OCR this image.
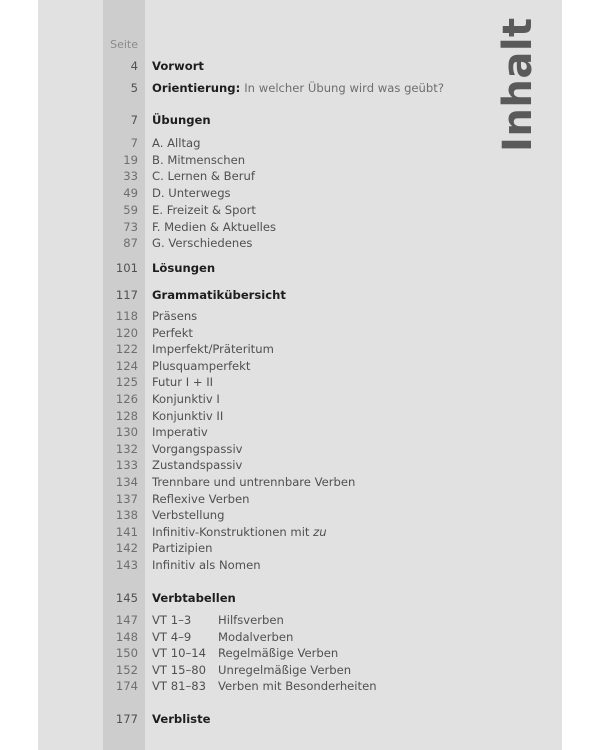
Seite	Inhalt
4 Vorwort
5 Orientierung: In welcher Übung wird was geübt?
7 Übungen
7 A. Alltag
19 B. Mitmenschen
33 C. Lernen & Beruf
49 D. Unterwegs
59 E. Freizeit & Sport
73 F. Medien & Aktuelles
87 G. Verschiedenes
101 Lösungen
117 Grammatikübersicht
118 Präsens
120 Perfekt
122 Imperfekt/Präteritum
124 Plusquamperfekt
125 Futur I + II
126 Konjunktiv I
128 Konjunktiv II
130 Imperativ
132 Vorgangspassiv
133 Zustandspassiv
134 Trennbare und untrennbare Verben
137 Reflexive Verben
138 Verbstellung
141 Infinitiv-Konstruktionen mit zu
142 Partizipien
143 Infinitiv als Nomen
145 Verbtabellen
147 VT 1–3 Hilfsverben
148 VT 4–9 Modalverben
150 VT 10–14 Regelmäßige Verben
152 VT 15–80 Unregelmäßige Verben
174 VT 81–83 Verben mit Besonderheiten
177 Verbliste
